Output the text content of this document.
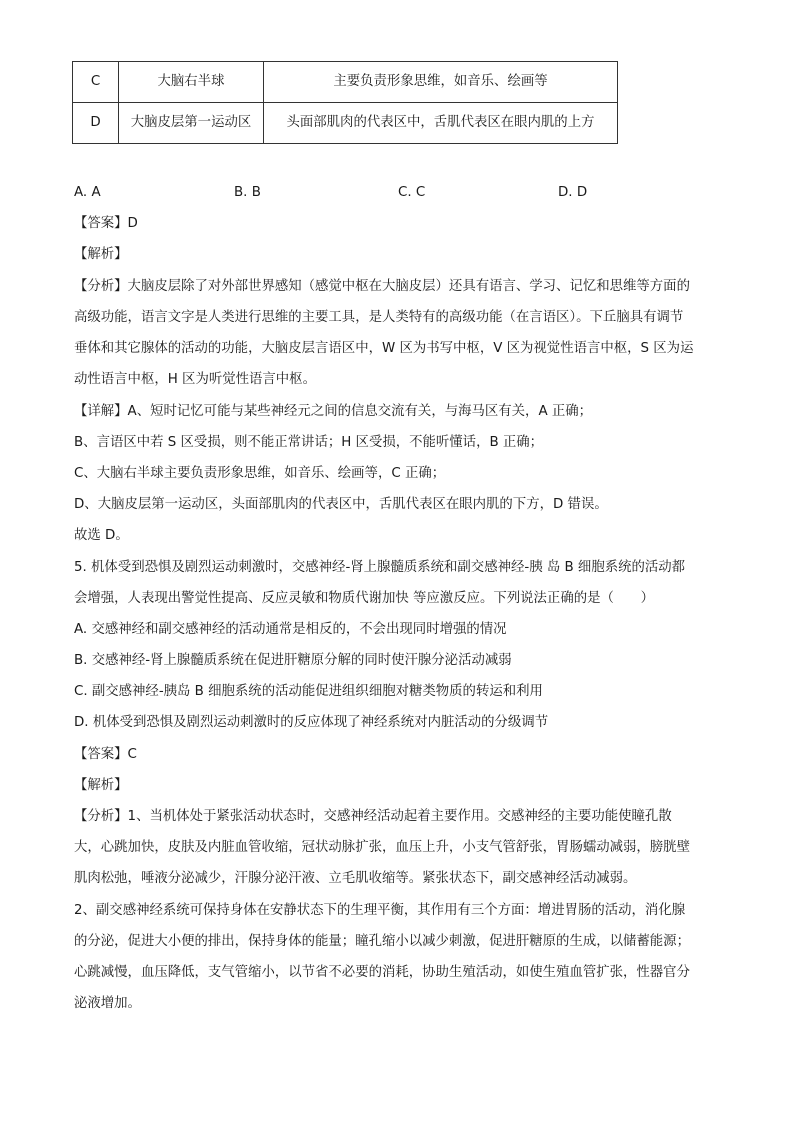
C	大脑右半球	主要负责形象思维，如音乐、绘画等
D	大脑皮层第一运动区	头面部肌肉的代表区中，舌肌代表区在眼内肌的上方
A. A	B. B	C. C	D. D
【答案】D
【解析】
【分析】大脑皮层除了对外部世界感知（感觉中枢在大脑皮层）还具有语言、学习、记忆和思维等方面的
高级功能，语言文字是人类进行思维的主要工具，是人类特有的高级功能（在言语区）。下丘脑具有调节
垂体和其它腺体的活动的功能，大脑皮层言语区中，W 区为书写中枢，V 区为视觉性语言中枢，S 区为运
动性语言中枢，H 区为听觉性语言中枢。
【详解】A、短时记忆可能与某些神经元之间的信息交流有关，与海马区有关，A 正确；
B、言语区中若 S 区受损，则不能正常讲话；H 区受损，不能听懂话，B 正确；
C、大脑右半球主要负责形象思维，如音乐、绘画等，C 正确；
D、大脑皮层第一运动区，头面部肌肉的代表区中，舌肌代表区在眼内肌的下方，D 错误。
故选 D。
5. 机体受到恐惧及剧烈运动刺激时，交感神经-肾上腺髓质系统和副交感神经-胰 岛 B 细胞系统的活动都
会增强，人表现出警觉性提高、反应灵敏和物质代谢加快 等应激反应。下列说法正确的是（　　）
A. 交感神经和副交感神经的活动通常是相反的，不会出现同时增强的情况
B. 交感神经-肾上腺髓质系统在促进肝糖原分解的同时使汗腺分泌活动减弱
C. 副交感神经-胰岛 B 细胞系统的活动能促进组织细胞对糖类物质的转运和利用
D. 机体受到恐惧及剧烈运动刺激时的反应体现了神经系统对内脏活动的分级调节
【答案】C
【解析】
【分析】1、当机体处于紧张活动状态时，交感神经活动起着主要作用。交感神经的主要功能使瞳孔散
大，心跳加快，皮肤及内脏血管收缩，冠状动脉扩张，血压上升，小支气管舒张，胃肠蠕动减弱，膀胱壁
肌肉松弛，唾液分泌减少，汗腺分泌汗液、立毛肌收缩等。紧张状态下，副交感神经活动减弱。
2、副交感神经系统可保持身体在安静状态下的生理平衡，其作用有三个方面：增进胃肠的活动，消化腺
的分泌，促进大小便的排出，保持身体的能量；瞳孔缩小以减少刺激，促进肝糖原的生成，以储蓄能源；
心跳减慢，血压降低，支气管缩小，以节省不必要的消耗，协助生殖活动，如使生殖血管扩张，性器官分
泌液增加。
